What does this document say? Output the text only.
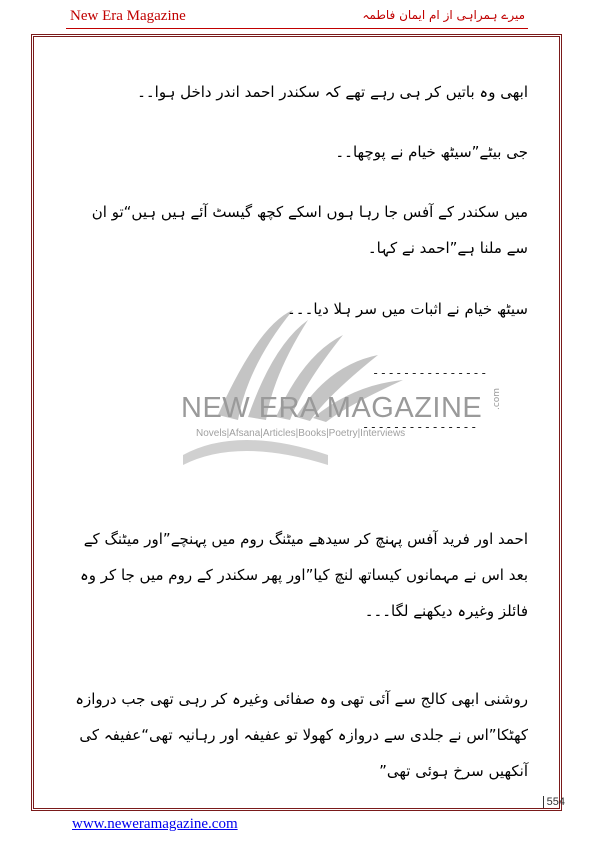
New Era Magazine	میرے ہمراہی از ام ایمان فاطمہ
NEW ERA MAGAZINE .com
Novels|Afsana|Articles|Books|Poetry|Interviews
ابھی وہ باتیں کر ہی رہے تھے کہ سکندر احمد اندر داخل ہوا۔۔
جی بیٹے”سیٹھ خیام نے پوچھا۔۔
میں سکندر کے آفس جا رہا ہوں اسکے کچھ گیسٹ آئے ہیں ہیں“تو ان سے ملنا ہے”احمد نے کہا۔
سیٹھ خیام نے اثبات میں سر ہلا دیا۔۔۔
---------------
---------------
احمد اور فرید آفس پہنچ کر سیدھے میٹنگ روم میں پہنچے”اور میٹنگ کے بعد اس نے مہمانوں کیساتھ لنچ کیا”اور پھر سکندر کے روم میں جا کر وہ فائلز وغیرہ دیکھنے لگا۔۔۔
روشنی ابھی کالج سے آئی تھی وہ صفائی وغیرہ کر رہی تھی جب دروازہ کھٹکا”اس نے جلدی سے دروازہ کھولا تو عفیفہ اور رہانیہ تھی“عفیفہ کی آنکھیں سرخ ہوئی تھی”
554
www.neweramagazine.com
